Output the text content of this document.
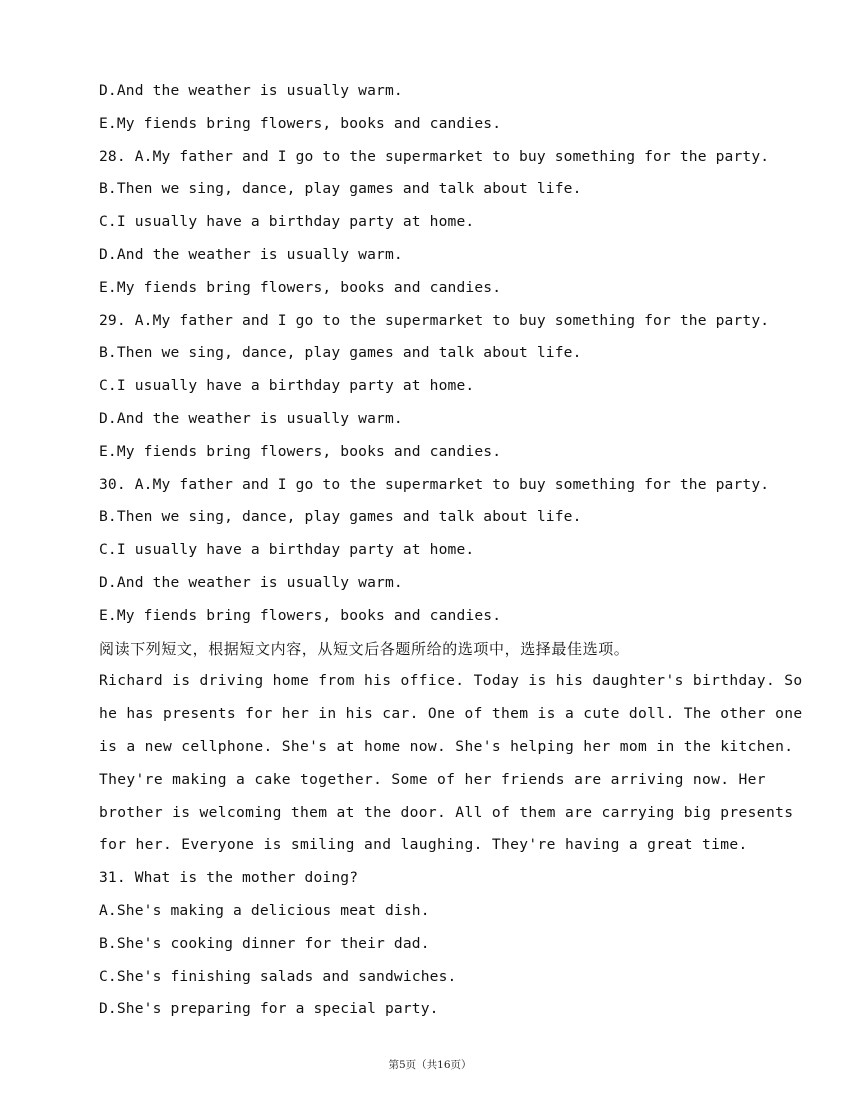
D.And the weather is usually warm.
E.My fiends bring flowers, books and candies.
28. A.My father and I go to the supermarket to buy something for the party.
B.Then we sing, dance, play games and talk about life.
C.I usually have a birthday party at home.
D.And the weather is usually warm.
E.My fiends bring flowers, books and candies.
29. A.My father and I go to the supermarket to buy something for the party.
B.Then we sing, dance, play games and talk about life.
C.I usually have a birthday party at home.
D.And the weather is usually warm.
E.My fiends bring flowers, books and candies.
30. A.My father and I go to the supermarket to buy something for the party.
B.Then we sing, dance, play games and talk about life.
C.I usually have a birthday party at home.
D.And the weather is usually warm.
E.My fiends bring flowers, books and candies.
阅读下列短文，根据短文内容，从短文后各题所给的选项中，选择最佳选项。
Richard is driving home from his office. Today is his daughter's birthday. So
he has presents for her in his car. One of them is a cute doll. The other one
is a new cellphone. She's at home now. She's helping her mom in the kitchen.
They're making a cake together. Some of her friends are arriving now. Her
brother is welcoming them at the door. All of them are carrying big presents
for her. Everyone is smiling and laughing. They're having a great time.
31. What is the mother doing?
A.She's making a delicious meat dish.
B.She's cooking dinner for their dad.
C.She's finishing salads and sandwiches.
D.She's preparing for a special party.
第5页（共16页）
